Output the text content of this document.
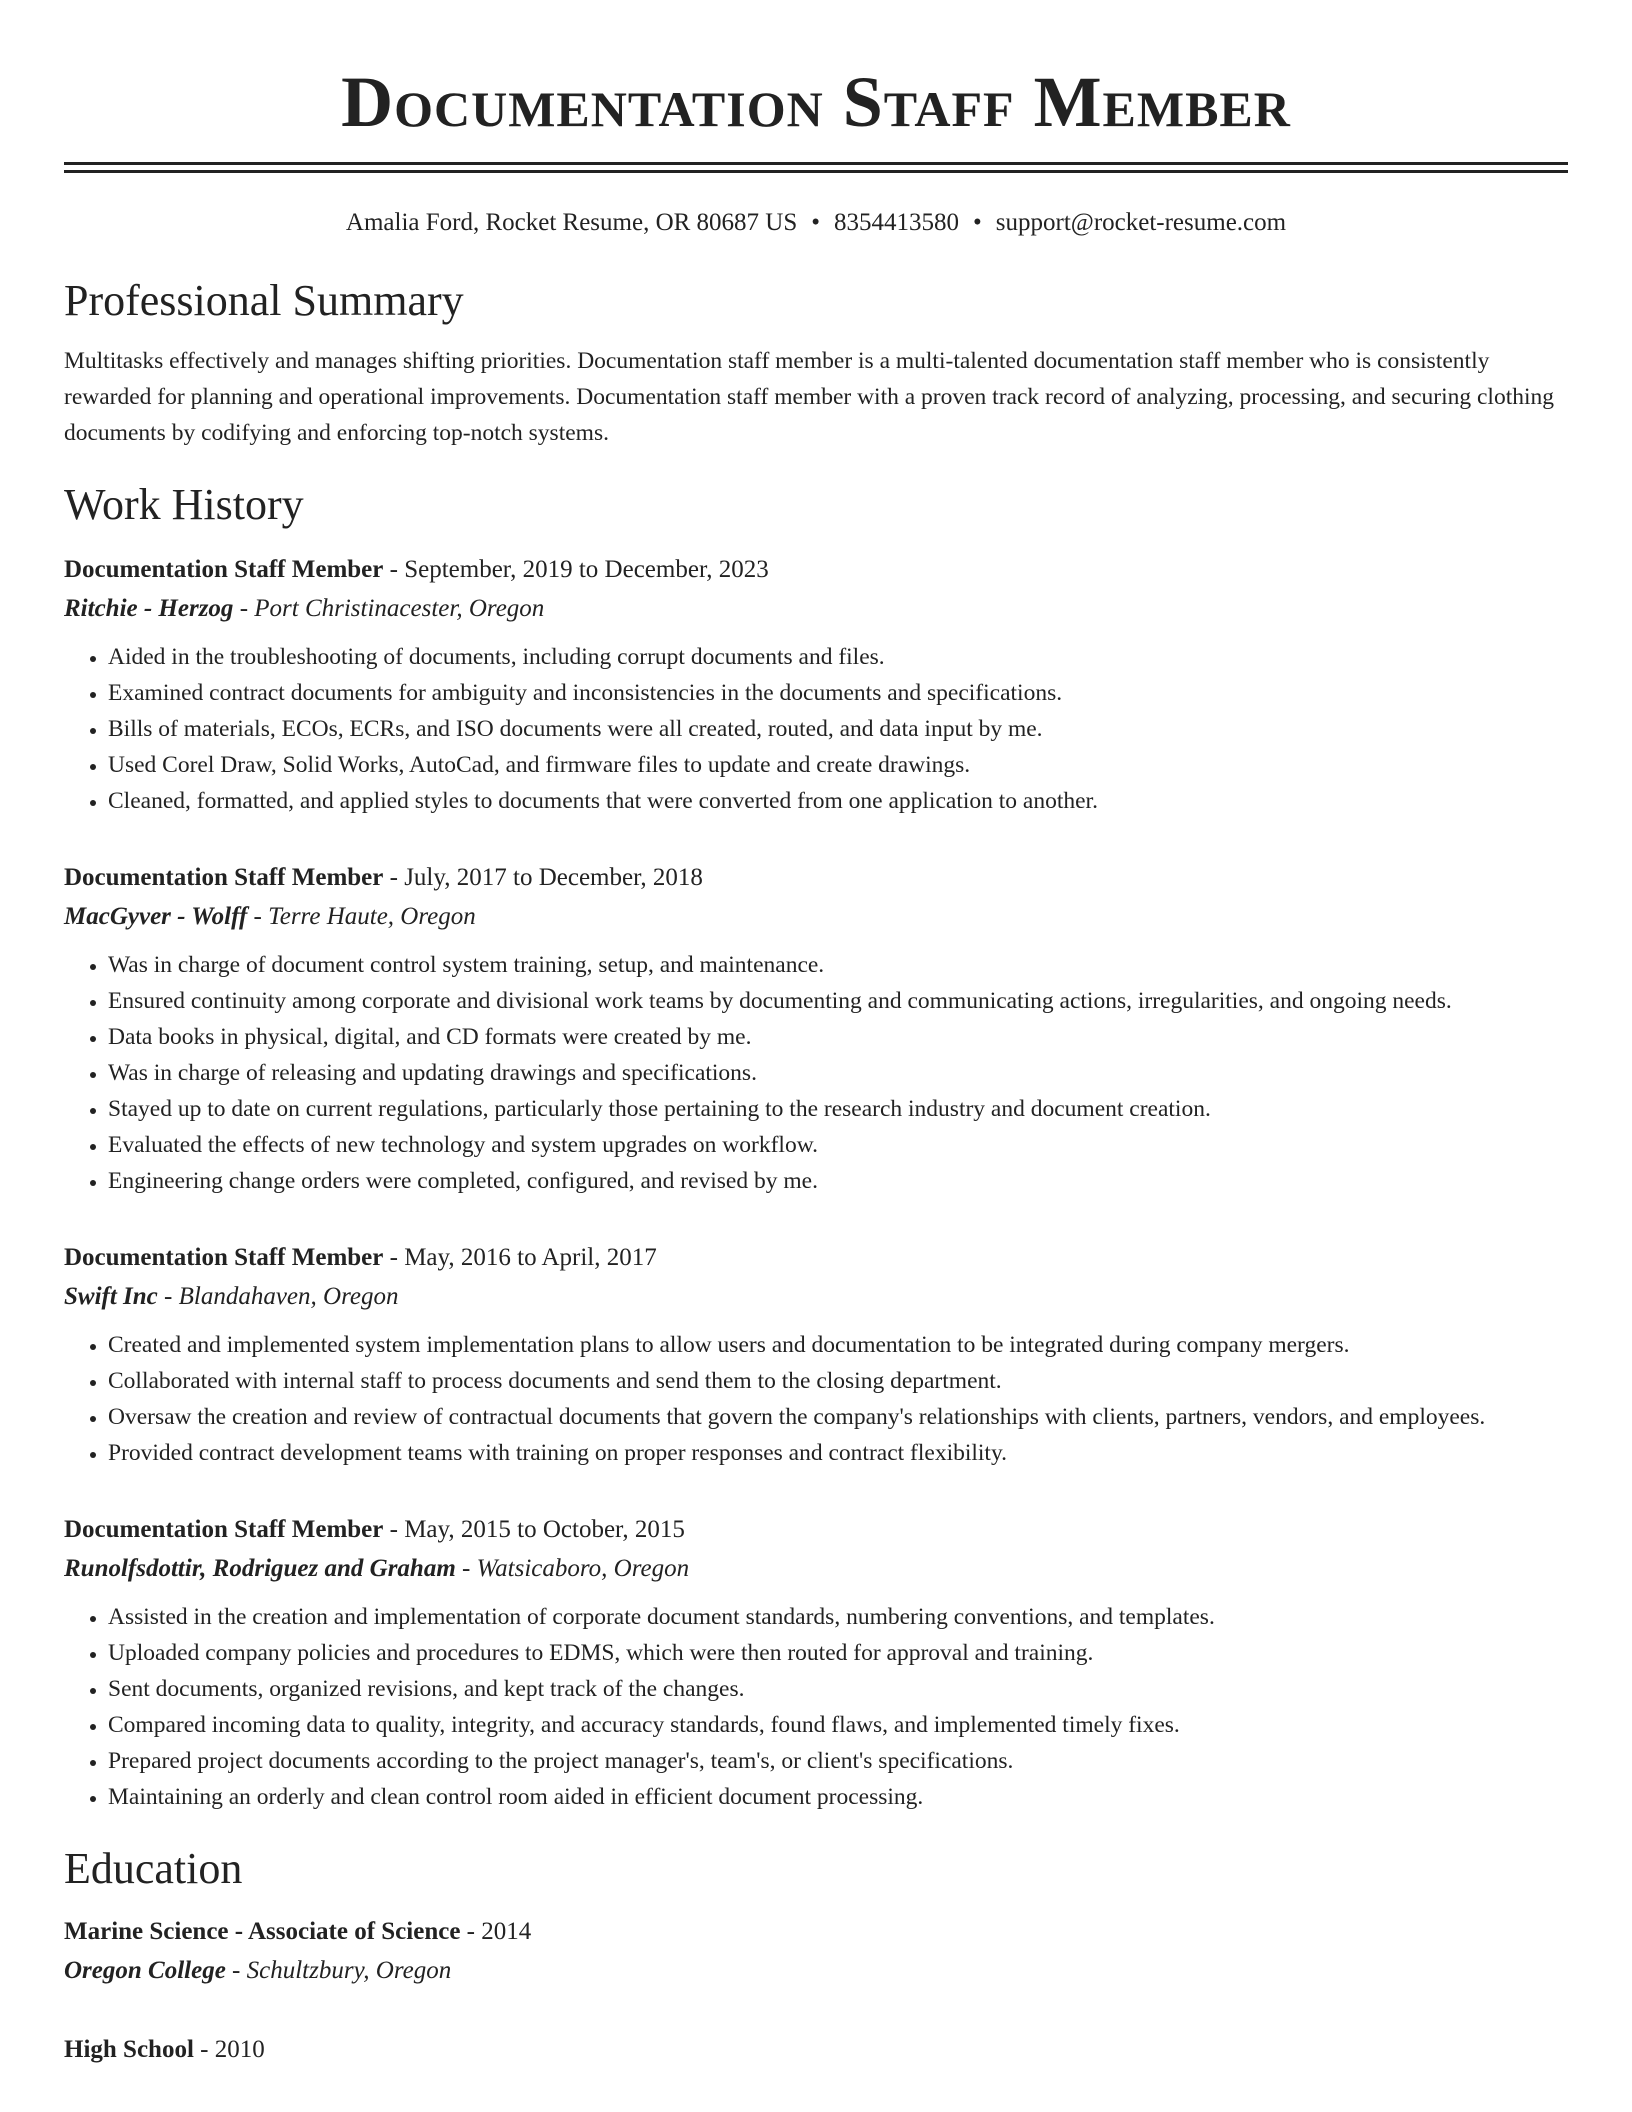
Documentation Staff Member
Amalia Ford, Rocket Resume, OR 80687 US • 8354413580 • support@rocket-resume.com
Professional Summary

Multitasks effectively and manages shifting priorities. Documentation staff member is a multi-talented documentation staff member who is consistently rewarded for planning and operational improvements. Documentation staff member with a proven track record of analyzing, processing, and securing clothing documents by codifying and enforcing top-notch systems.

Work History
Documentation Staff Member - September, 2019 to December, 2023
Ritchie - Herzog - Port Christinacester, Oregon
• Aided in the troubleshooting of documents, including corrupt documents and files.
• Examined contract documents for ambiguity and inconsistencies in the documents and specifications.
• Bills of materials, ECOs, ECRs, and ISO documents were all created, routed, and data input by me.
• Used Corel Draw, Solid Works, AutoCad, and firmware files to update and create drawings.
• Cleaned, formatted, and applied styles to documents that were converted from one application to another.
Documentation Staff Member - July, 2017 to December, 2018
MacGyver - Wolff - Terre Haute, Oregon
• Was in charge of document control system training, setup, and maintenance.
• Ensured continuity among corporate and divisional work teams by documenting and communicating actions, irregularities, and ongoing needs.
• Data books in physical, digital, and CD formats were created by me.
• Was in charge of releasing and updating drawings and specifications.
• Stayed up to date on current regulations, particularly those pertaining to the research industry and document creation.
• Evaluated the effects of new technology and system upgrades on workflow.
• Engineering change orders were completed, configured, and revised by me.
Documentation Staff Member - May, 2016 to April, 2017
Swift Inc - Blandahaven, Oregon
• Created and implemented system implementation plans to allow users and documentation to be integrated during company mergers.
• Collaborated with internal staff to process documents and send them to the closing department.
• Oversaw the creation and review of contractual documents that govern the company's relationships with clients, partners, vendors, and employees.
• Provided contract development teams with training on proper responses and contract flexibility.
Documentation Staff Member - May, 2015 to October, 2015
Runolfsdottir, Rodriguez and Graham - Watsicaboro, Oregon
• Assisted in the creation and implementation of corporate document standards, numbering conventions, and templates.
• Uploaded company policies and procedures to EDMS, which were then routed for approval and training.
• Sent documents, organized revisions, and kept track of the changes.
• Compared incoming data to quality, integrity, and accuracy standards, found flaws, and implemented timely fixes.
• Prepared project documents according to the project manager's, team's, or client's specifications.
• Maintaining an orderly and clean control room aided in efficient document processing.
Education
Marine Science - Associate of Science - 2014
Oregon College - Schultzbury, Oregon
High School - 2010
